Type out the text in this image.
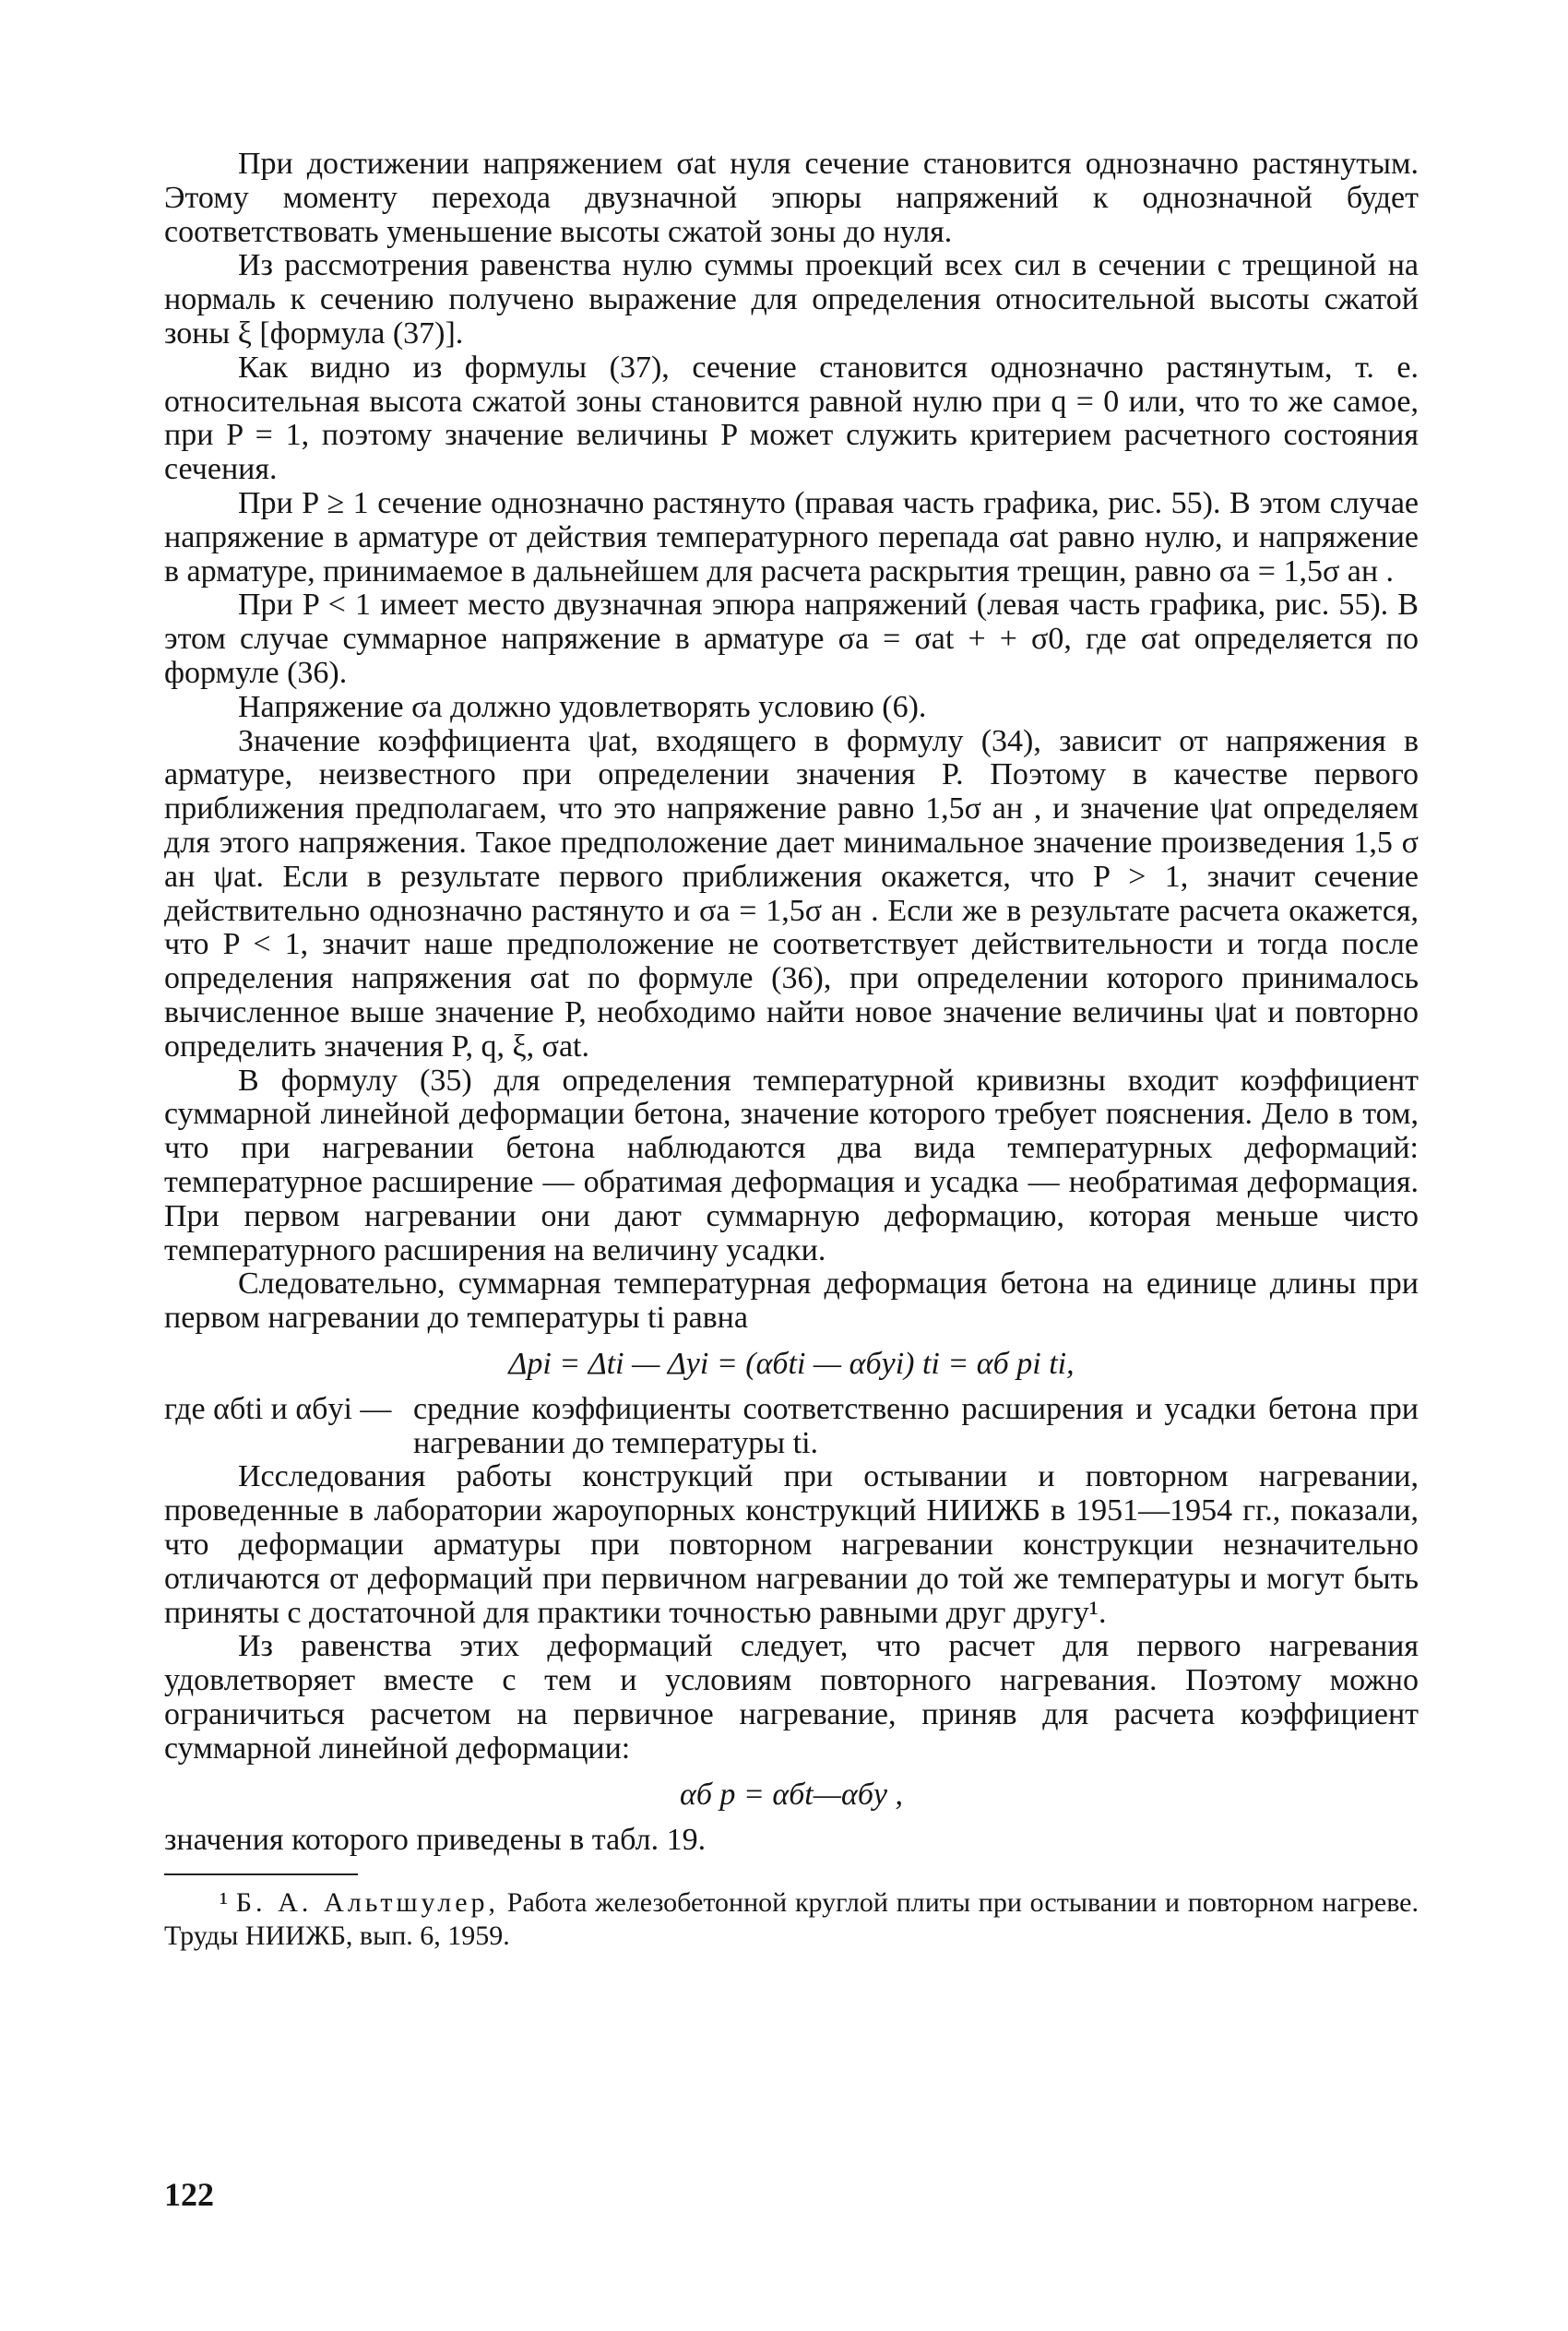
При достижении напряжением σat нуля сечение становится однозначно растянутым. Этому моменту перехода двузначной эпюры напряжений к однозначной будет соответствовать уменьшение высоты сжатой зоны до нуля.

Из рассмотрения равенства нулю суммы проекций всех сил в сечении с трещиной на нормаль к сечению получено выражение для определения относительной высоты сжатой зоны ξ [формула (37)].

Как видно из формулы (37), сечение становится однозначно растянутым, т. е. относительная высота сжатой зоны становится равной нулю при q = 0 или, что то же самое, при P = 1, поэтому значение величины P может служить критерием расчетного состояния сечения.

При P ≥ 1 сечение однозначно растянуто (правая часть графика, рис. 55). В этом случае напряжение в арматуре от действия температурного перепада σat равно нулю, и напряжение в арматуре, принимаемое в дальнейшем для расчета раскрытия трещин, равно σа = 1,5σ ан .

При P < 1 имеет место двузначная эпюра напряжений (левая часть графика, рис. 55). В этом случае суммарное напряжение в арматуре σа = σat + + σ0, где σat определяется по формуле (36).

Напряжение σа должно удовлетворять условию (6).

Значение коэффициента ψat, входящего в формулу (34), зависит от напряжения в арматуре, неизвестного при определении значения P. Поэтому в качестве первого приближения предполагаем, что это напряжение равно 1,5σ ан , и значение ψat определяем для этого напряжения. Такое предположение дает минимальное значение произведения 1,5 σ ан ψat. Если в результате первого приближения окажется, что P > 1, значит сечение действительно однозначно растянуто и σа = 1,5σ ан . Если же в результате расчета окажется, что P < 1, значит наше предположение не соответствует действительности и тогда после определения напряжения σat по формуле (36), при определении которого принималось вычисленное выше значение P, необходимо найти новое значение величины ψat и повторно определить значения P, q, ξ, σat.

В формулу (35) для определения температурной кривизны входит коэффициент суммарной линейной деформации бетона, значение которого требует пояснения. Дело в том, что при нагревании бетона наблюдаются два вида температурных деформаций: температурное расширение — обратимая деформация и усадка — необратимая деформация. При первом нагревании они дают суммарную деформацию, которая меньше чисто температурного расширения на величину усадки.

Следовательно, суммарная температурная деформация бетона на единице длины при первом нагревании до температуры ti равна

Δpi = Δti — Δyi = (αбti — αбyi) ti = αб pi ti,
где αбti и αбyi — средние коэффициенты соответственно расширения и усадки бетона при нагревании до температуры ti.

Исследования работы конструкций при остывании и повторном нагревании, проведенные в лаборатории жароупорных конструкций НИИЖБ в 1951—1954 гг., показали, что деформации арматуры при повторном нагревании конструкции незначительно отличаются от деформаций при первичном нагревании до той же температуры и могут быть приняты с достаточной для практики точностью равными друг другу¹.

Из равенства этих деформаций следует, что расчет для первого нагревания удовлетворяет вместе с тем и условиям повторного нагревания. Поэтому можно ограничиться расчетом на первичное нагревание, приняв для расчета коэффициент суммарной линейной деформации:

αб р = αбt—αбy ,

значения которого приведены в табл. 19.

¹ Б. А. Альтшулер, Работа железобетонной круглой плиты при остывании и повторном нагреве. Труды НИИЖБ, вып. 6, 1959.

122
